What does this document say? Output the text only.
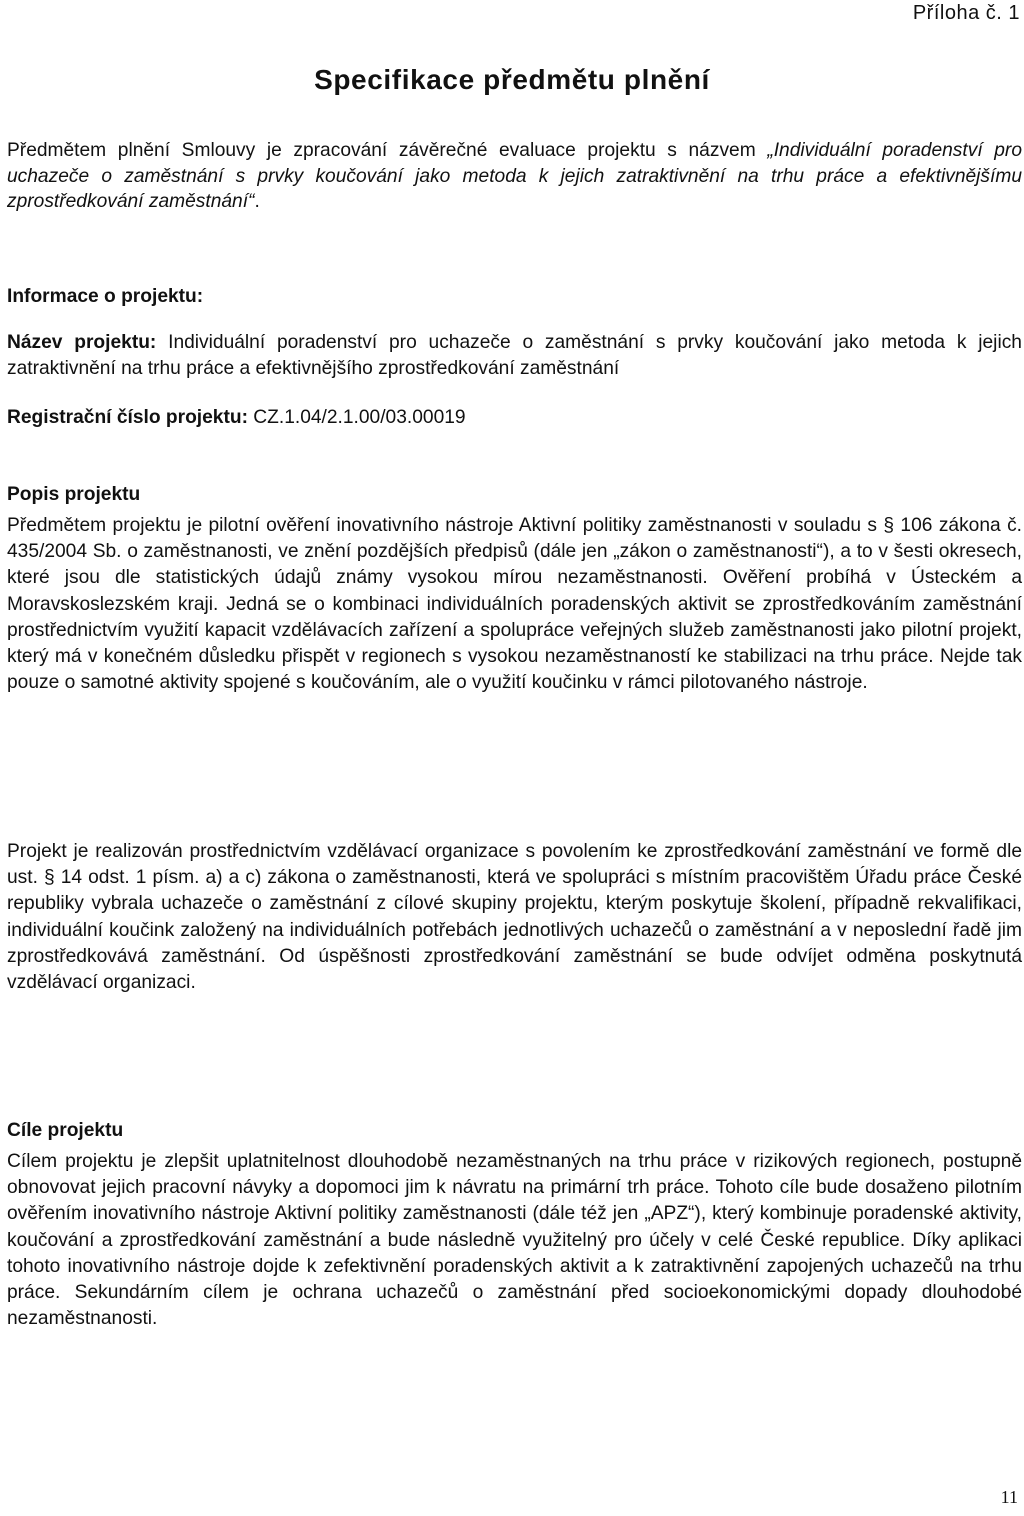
Příloha č. 1
Specifikace předmětu plnění
Předmětem plnění Smlouvy je zpracování závěrečné evaluace projektu s názvem „Individuální poradenství pro uchazeče o zaměstnání s prvky koučování jako metoda k jejich zatraktivnění na trhu práce a efektivnějšímu zprostředkování zaměstnání“.
Informace o projektu:
Název projektu: Individuální poradenství pro uchazeče o zaměstnání s prvky koučování jako metoda k jejich zatraktivnění na trhu práce a efektivnějšího zprostředkování zaměstnání
Registrační číslo projektu: CZ.1.04/2.1.00/03.00019
Popis projektu
Předmětem projektu je pilotní ověření inovativního nástroje Aktivní politiky zaměstnanosti v souladu s § 106 zákona č. 435/2004 Sb. o zaměstnanosti, ve znění pozdějších předpisů (dále jen „zákon o zaměstnanosti“), a to v šesti okresech, které jsou dle statistických údajů známy vysokou mírou nezaměstnanosti. Ověření probíhá v Ústeckém a Moravskoslezském kraji. Jedná se o kombinaci individuálních poradenských aktivit se zprostředkováním zaměstnání prostřednictvím využití kapacit vzdělávacích zařízení a spolupráce veřejných služeb zaměstnanosti jako pilotní projekt, který má v konečném důsledku přispět v regionech s vysokou nezaměstnaností ke stabilizaci na trhu práce. Nejde tak pouze o samotné aktivity spojené s koučováním, ale o využití koučinku v rámci pilotovaného nástroje.
Projekt je realizován prostřednictvím vzdělávací organizace s povolením ke zprostředkování zaměstnání ve formě dle ust. § 14 odst. 1 písm. a) a c) zákona o zaměstnanosti, která ve spolupráci s místním pracovištěm Úřadu práce České republiky vybrala uchazeče o zaměstnání z cílové skupiny projektu, kterým poskytuje školení, případně rekvalifikaci, individuální koučink založený na individuálních potřebách jednotlivých uchazečů o zaměstnání a v neposlední řadě jim zprostředkovává zaměstnání. Od úspěšnosti zprostředkování zaměstnání se bude odvíjet odměna poskytnutá vzdělávací organizaci.
Cíle projektu
Cílem projektu je zlepšit uplatnitelnost dlouhodobě nezaměstnaných na trhu práce v rizikových regionech, postupně obnovovat jejich pracovní návyky a dopomoci jim k návratu na primární trh práce. Tohoto cíle bude dosaženo pilotním ověřením inovativního nástroje Aktivní politiky zaměstnanosti (dále též jen „APZ“), který kombinuje poradenské aktivity, koučování a zprostředkování zaměstnání a bude následně využitelný pro účely v celé České republice. Díky aplikaci tohoto inovativního nástroje dojde k zefektivnění poradenských aktivit a k zatraktivnění zapojených uchazečů na trhu práce. Sekundárním cílem je ochrana uchazečů o zaměstnání před socioekonomickými dopady dlouhodobé nezaměstnanosti.
11
